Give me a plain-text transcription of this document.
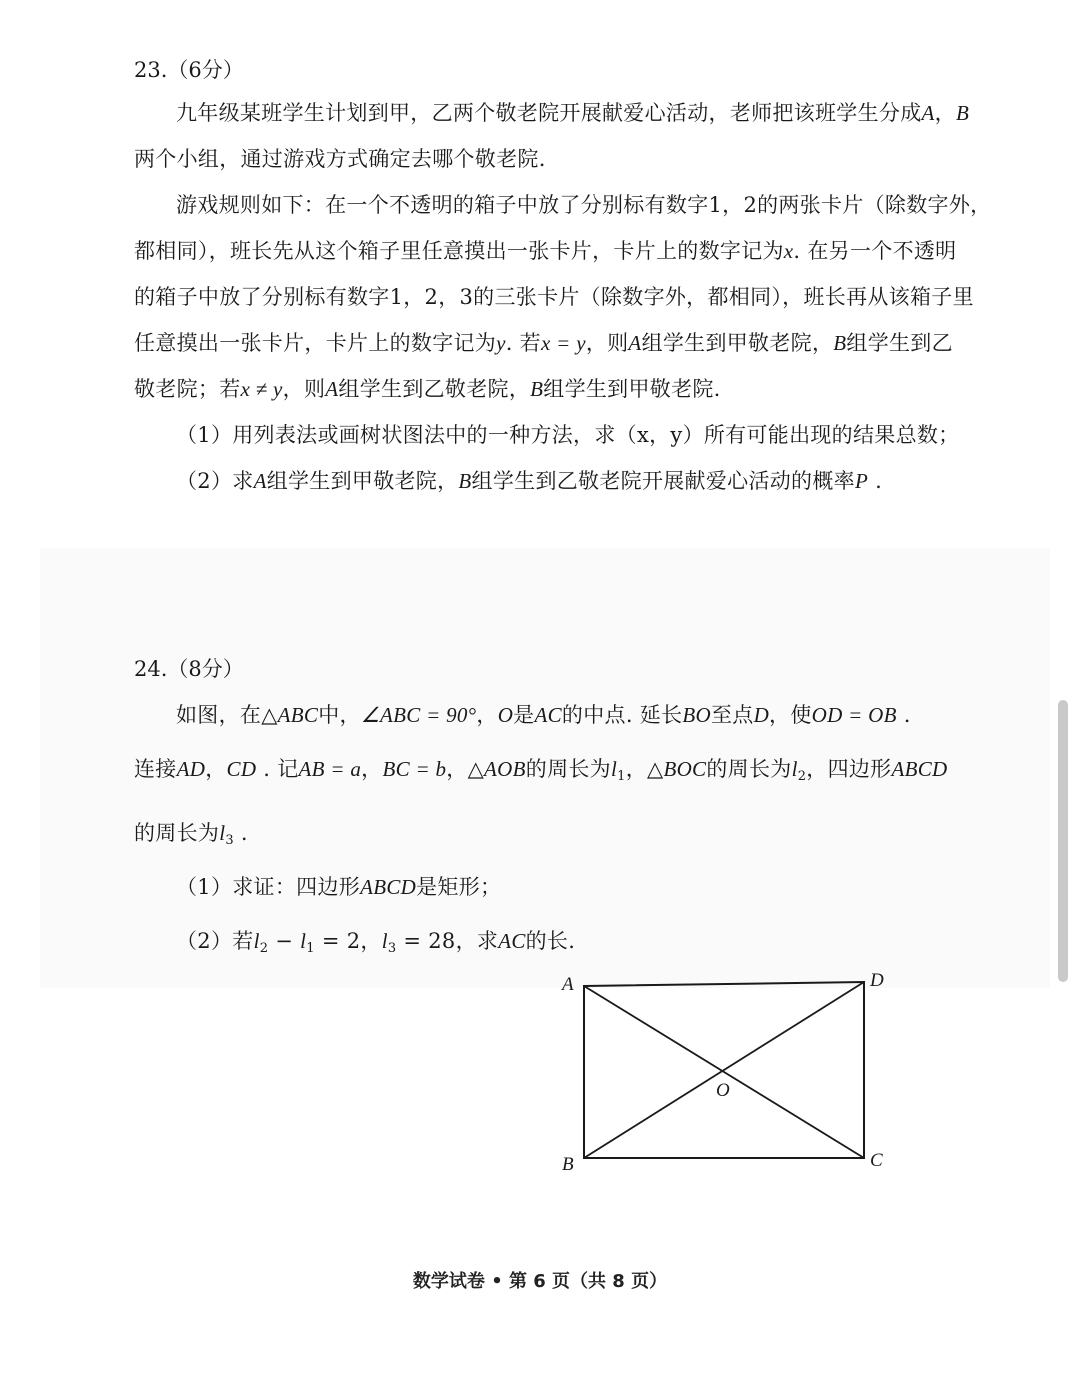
23.（6分）
九年级某班学生计划到甲，乙两个敬老院开展献爱心活动，老师把该班学生分成A，B
两个小组，通过游戏方式确定去哪个敬老院.
游戏规则如下：在一个不透明的箱子中放了分别标有数字1，2的两张卡片（除数字外，
都相同），班长先从这个箱子里任意摸出一张卡片，卡片上的数字记为x. 在另一个不透明
的箱子中放了分别标有数字1，2，3的三张卡片（除数字外，都相同），班长再从该箱子里
任意摸出一张卡片，卡片上的数字记为y. 若x = y，则A组学生到甲敬老院，B组学生到乙
敬老院；若x ≠ y，则A组学生到乙敬老院，B组学生到甲敬老院.
（1）用列表法或画树状图法中的一种方法，求（x，y）所有可能出现的结果总数；
（2）求A组学生到甲敬老院，B组学生到乙敬老院开展献爱心活动的概率P .
24.（8分）
如图，在△ABC中，∠ABC = 90°，O是AC的中点. 延长BO至点D，使OD = OB .
连接AD，CD . 记AB = a，BC = b，△AOB的周长为$l_1$，△BOC的周长为$l_2$，四边形ABCD
的周长为$l_3$ .
（1）求证：四边形ABCD是矩形；
（2）若$l_2 - l_1 = 2$，$l_3 = 28$，求AC的长.
A	D
B	C
O
数学试卷 • 第 6 页（共 8 页）
